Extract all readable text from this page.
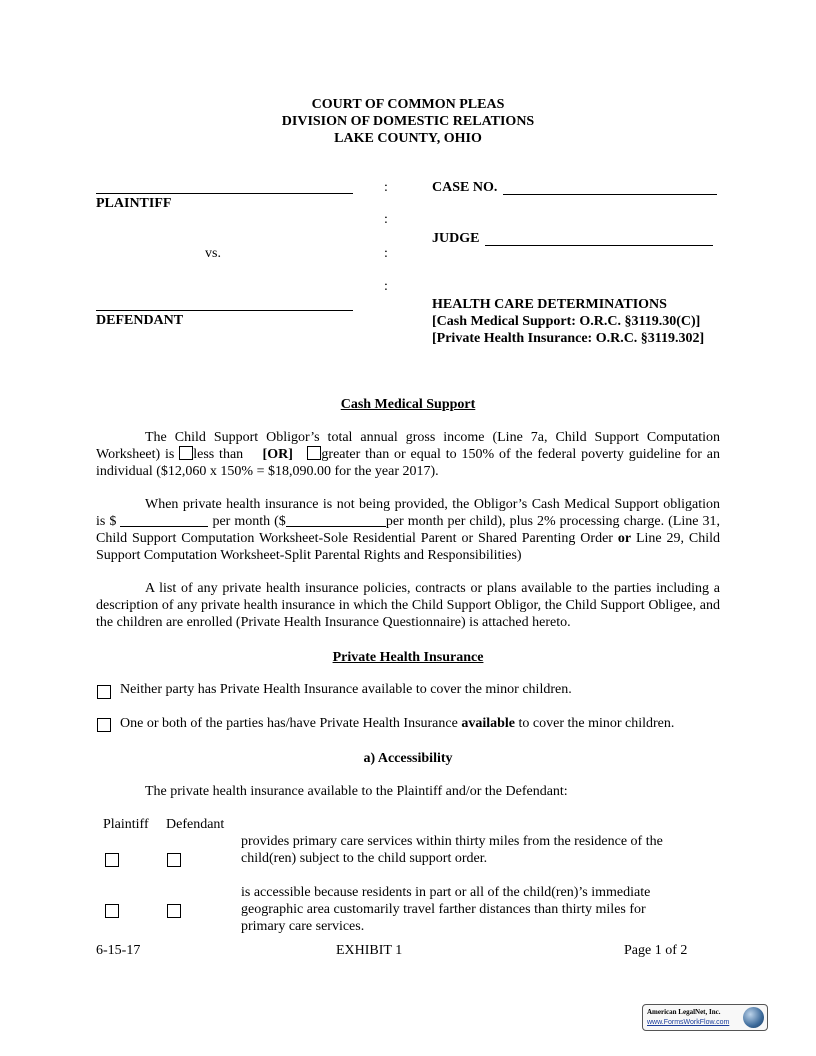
COURT OF COMMON PLEAS
DIVISION OF DOMESTIC RELATIONS
LAKE COUNTY, OHIO
PLAINTIFF
vs.
DEFENDANT
:
:
:
:
CASE NO.
JUDGE
HEALTH CARE DETERMINATIONS
[Cash Medical Support: O.R.C. §3119.30(C)]
[Private Health Insurance: O.R.C. §3119.302]
Cash Medical Support
The Child Support Obligor’s total annual gross income (Line 7a, Child Support Computation Worksheet) is less than [OR] greater than or equal to 150% of the federal poverty guideline for an individual ($12,060 x 150% = $18,090.00 for the year 2017).
When private health insurance is not being provided, the Obligor’s Cash Medical Support obligation is $	per month ($	per month per child), plus 2% processing charge. (Line 31, Child Support Computation Worksheet-Sole Residential Parent or Shared Parenting Order or Line 29, Child Support Computation Worksheet-Split Parental Rights and Responsibilities)
A list of any private health insurance policies, contracts or plans available to the parties including a description of any private health insurance in which the Child Support Obligor, the Child Support Obligee, and the children are enrolled (Private Health Insurance Questionnaire) is attached hereto.
Private Health Insurance
Neither party has Private Health Insurance available to cover the minor children.
One or both of the parties has/have Private Health Insurance available to cover the minor children.
a) Accessibility
The private health insurance available to the Plaintiff and/or the Defendant:
Plaintiff Defendant
provides primary care services within thirty miles from the residence of the child(ren) subject to the child support order.
is accessible because residents in part or all of the child(ren)’s immediate geographic area customarily travel farther distances than thirty miles for primary care services.
6-15-17	EXHIBIT 1	Page 1 of 2
American LegalNet, Inc.
www.FormsWorkFlow.com
